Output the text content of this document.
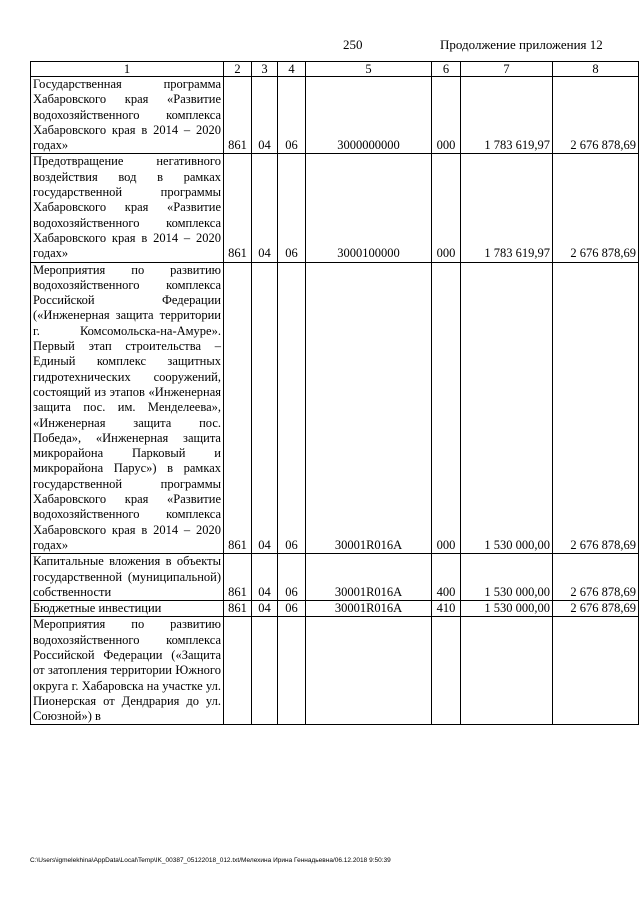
250	Продолжение приложения 12
1	2	3	4	5	6	7	8
Государственная программа Хабаровского края «Развитие водохозяйственного комплекса Хабаровского края в 2014 – 2020 годах»	861	04	06	3000000000	000	1 783 619,97	2 676 878,69
Предотвращение негативного воздействия вод в рамках государственной программы Хабаровского края «Развитие водохозяйственного комплекса Хабаровского края в 2014 – 2020 годах»	861	04	06	3000100000	000	1 783 619,97	2 676 878,69
Мероприятия по развитию водохозяйственного комплекса Российской Федерации («Инженерная защита территории г. Комсомольска-на-Амуре». Первый этап строительства – Единый комплекс защитных гидротехнических сооружений, состоящий из этапов «Инженерная защита пос. им. Менделеева», «Инженерная защита пос. Победа», «Инженерная защита микрорайона Парковый и микрорайона Парус») в рамках государственной программы Хабаровского края «Развитие водохозяйственного комплекса Хабаровского края в 2014 – 2020 годах»	861	04	06	30001R016A	000	1 530 000,00	2 676 878,69
Капитальные вложения в объекты государственной (муниципальной) собственности	861	04	06	30001R016A	400	1 530 000,00	2 676 878,69
Бюджетные инвестиции	861	04	06	30001R016A	410	1 530 000,00	2 676 878,69
Мероприятия по развитию водохозяйственного комплекса Российской Федерации («Защита от затопления территории Южного округа г. Хабаровска на участке ул. Пионерская от Дендрария до ул. Союзной») в							
C:\Users\igmelekhina\AppData\Local\Temp\IK_00387_05122018_012.txt/Мелехина Ирина Геннадьевна/06.12.2018 9:50:39
